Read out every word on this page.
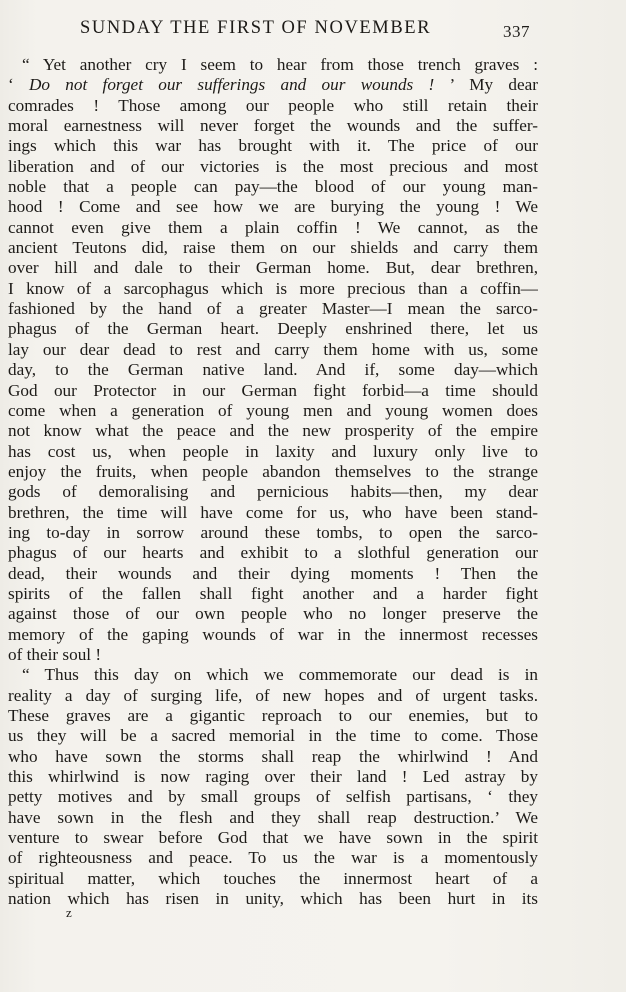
SUNDAY THE FIRST OF NOVEMBER	337
“ Yet another cry I seem to hear from those trench graves :
‘ Do not forget our sufferings and our wounds ! ’ My dear
comrades ! Those among our people who still retain their
moral earnestness will never forget the wounds and the suffer-
ings which this war has brought with it. The price of our
liberation and of our victories is the most precious and most
noble that a people can pay—the blood of our young man-
hood ! Come and see how we are burying the young ! We
cannot even give them a plain coffin ! We cannot, as the
ancient Teutons did, raise them on our shields and carry them
over hill and dale to their German home. But, dear brethren,
I know of a sarcophagus which is more precious than a coffin—
fashioned by the hand of a greater Master—I mean the sarco-
phagus of the German heart. Deeply enshrined there, let us
lay our dear dead to rest and carry them home with us, some
day, to the German native land. And if, some day—which
God our Protector in our German fight forbid—a time should
come when a generation of young men and young women does
not know what the peace and the new prosperity of the empire
has cost us, when people in laxity and luxury only live to
enjoy the fruits, when people abandon themselves to the strange
gods of demoralising and pernicious habits—then, my dear
brethren, the time will have come for us, who have been stand-
ing to-day in sorrow around these tombs, to open the sarco-
phagus of our hearts and exhibit to a slothful generation our
dead, their wounds and their dying moments ! Then the
spirits of the fallen shall fight another and a harder fight
against those of our own people who no longer preserve the
memory of the gaping wounds of war in the innermost recesses
of their soul !
“ Thus this day on which we commemorate our dead is in
reality a day of surging life, of new hopes and of urgent tasks.
These graves are a gigantic reproach to our enemies, but to
us they will be a sacred memorial in the time to come. Those
who have sown the storms shall reap the whirlwind ! And
this whirlwind is now raging over their land ! Led astray by
petty motives and by small groups of selfish partisans, ‘ they
have sown in the flesh and they shall reap destruction.’ We
venture to swear before God that we have sown in the spirit
of righteousness and peace. To us the war is a momentously
spiritual matter, which touches the innermost heart of a
nation which has risen in unity, which has been hurt in its
z
